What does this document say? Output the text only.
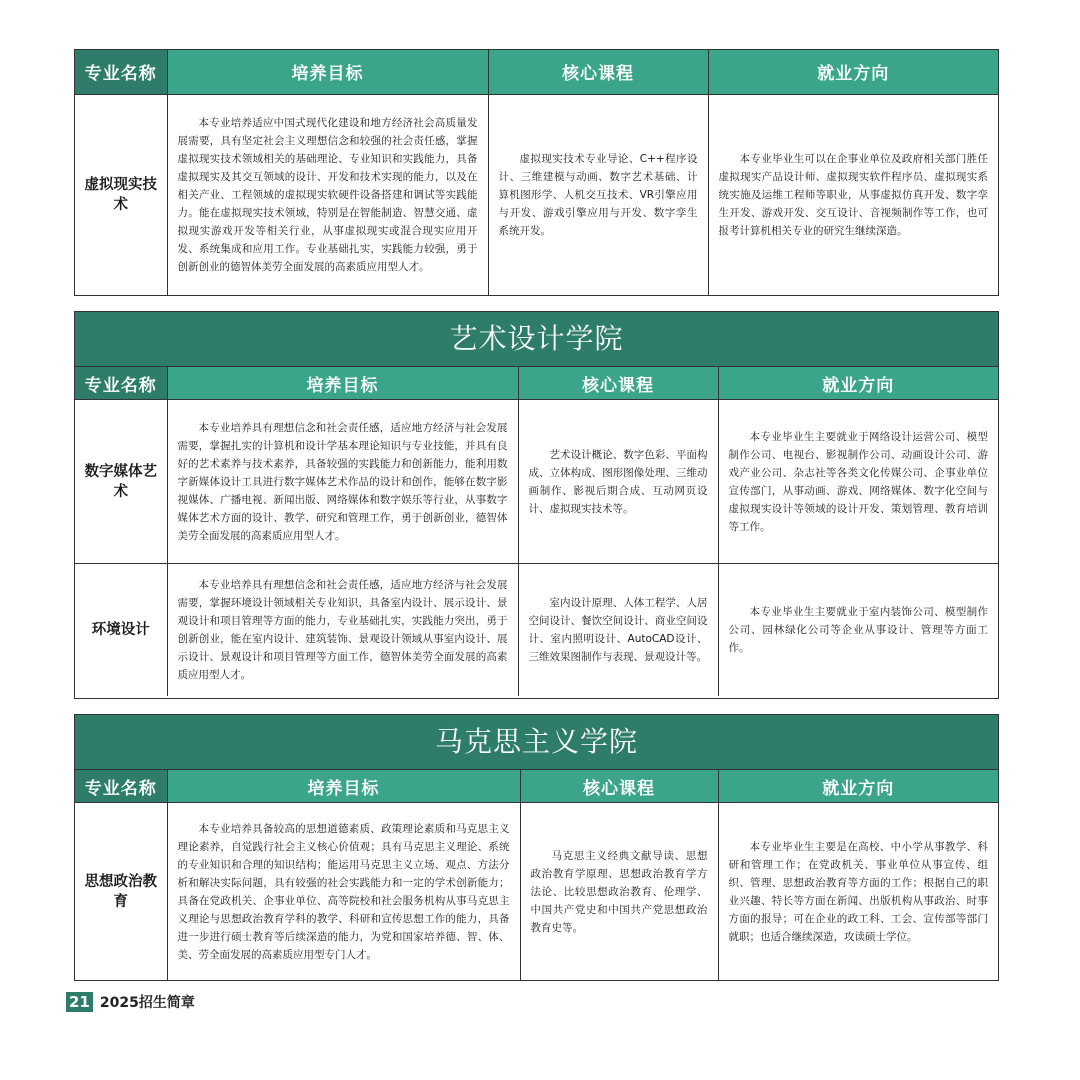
专业名称	培养目标	核心课程	就业方向
虚拟现实技术	本专业培养适应中国式现代化建设和地方经济社会高质量发展需要，具有坚定社会主义理想信念和较强的社会责任感，掌握虚拟现实技术领域相关的基础理论、专业知识和实践能力，具备虚拟现实及其交互领域的设计、开发和技术实现的能力，以及在相关产业、工程领域的虚拟现实软硬件设备搭建和调试等实践能力。能在虚拟现实技术领域，特别是在智能制造、智慧交通、虚拟现实游戏开发等相关行业，从事虚拟现实或混合现实应用开发、系统集成和应用工作。专业基础扎实，实践能力较强，勇于创新创业的德智体美劳全面发展的高素质应用型人才。	虚拟现实技术专业导论、C++程序设计、三维建模与动画、数字艺术基础、计算机图形学、人机交互技术、VR引擎应用与开发、游戏引擎应用与开发、数字孪生系统开发。	本专业毕业生可以在企事业单位及政府相关部门胜任虚拟现实产品设计师、虚拟现实软件程序员、虚拟现实系统实施及运维工程师等职业，从事虚拟仿真开发、数字孪生开发、游戏开发、交互设计、音视频制作等工作，也可报考计算机相关专业的研究生继续深造。

艺术设计学院
专业名称	培养目标	核心课程	就业方向
数字媒体艺术	本专业培养具有理想信念和社会责任感，适应地方经济与社会发展需要，掌握扎实的计算机和设计学基本理论知识与专业技能，并具有良好的艺术素养与技术素养，具备较强的实践能力和创新能力，能利用数字新媒体设计工具进行数字媒体艺术作品的设计和创作，能够在数字影视媒体、广播电视、新闻出版、网络媒体和数字娱乐等行业，从事数字媒体艺术方面的设计、教学、研究和管理工作，勇于创新创业，德智体美劳全面发展的高素质应用型人才。	艺术设计概论、数字色彩、平面构成、立体构成、图形图像处理、三维动画制作、影视后期合成、互动网页设计、虚拟现实技术等。	本专业毕业生主要就业于网络设计运营公司、模型制作公司、电视台、影视制作公司、动画设计公司、游戏产业公司、杂志社等各类文化传媒公司、企事业单位宣传部门，从事动画、游戏、网络媒体、数字化空间与虚拟现实设计等领域的设计开发、策划管理、教育培训等工作。

环境设计	本专业培养具有理想信念和社会责任感，适应地方经济与社会发展需要，掌握环境设计领域相关专业知识，具备室内设计、展示设计、景观设计和项目管理等方面的能力，专业基础扎实，实践能力突出，勇于创新创业，能在室内设计、建筑装饰、景观设计领域从事室内设计、展示设计、景观设计和项目管理等方面工作，德智体美劳全面发展的高素质应用型人才。	室内设计原理、人体工程学、人居空间设计、餐饮空间设计、商业空间设计、室内照明设计、AutoCAD设计、三维效果图制作与表现、景观设计等。	本专业毕业生主要就业于室内装饰公司、模型制作公司、园林绿化公司等企业从事设计、管理等方面工作。

马克思主义学院
专业名称	培养目标	核心课程	就业方向
思想政治教育	本专业培养具备较高的思想道德素质、政策理论素质和马克思主义理论素养，自觉践行社会主义核心价值观；具有马克思主义理论、系统的专业知识和合理的知识结构；能运用马克思主义立场、观点、方法分析和解决实际问题，具有较强的社会实践能力和一定的学术创新能力；具备在党政机关、企事业单位、高等院校和社会服务机构从事马克思主义理论与思想政治教育学科的教学、科研和宣传思想工作的能力，具备进一步进行硕士教育等后续深造的能力，为党和国家培养德、智、体、美、劳全面发展的高素质应用型专门人才。	马克思主义经典文献导读、思想政治教育学原理、思想政治教育学方法论、比较思想政治教育、伦理学、中国共产党史和中国共产党思想政治教育史等。	本专业毕业生主要是在高校、中小学从事教学、科研和管理工作；在党政机关、事业单位从事宣传、组织、管理、思想政治教育等方面的工作；根据自己的职业兴趣、特长等方面在新闻、出版机构从事政治、时事方面的报导；可在企业的政工科、工会、宣传部等部门就职；也适合继续深造，攻读硕士学位。

21 2025招生简章
